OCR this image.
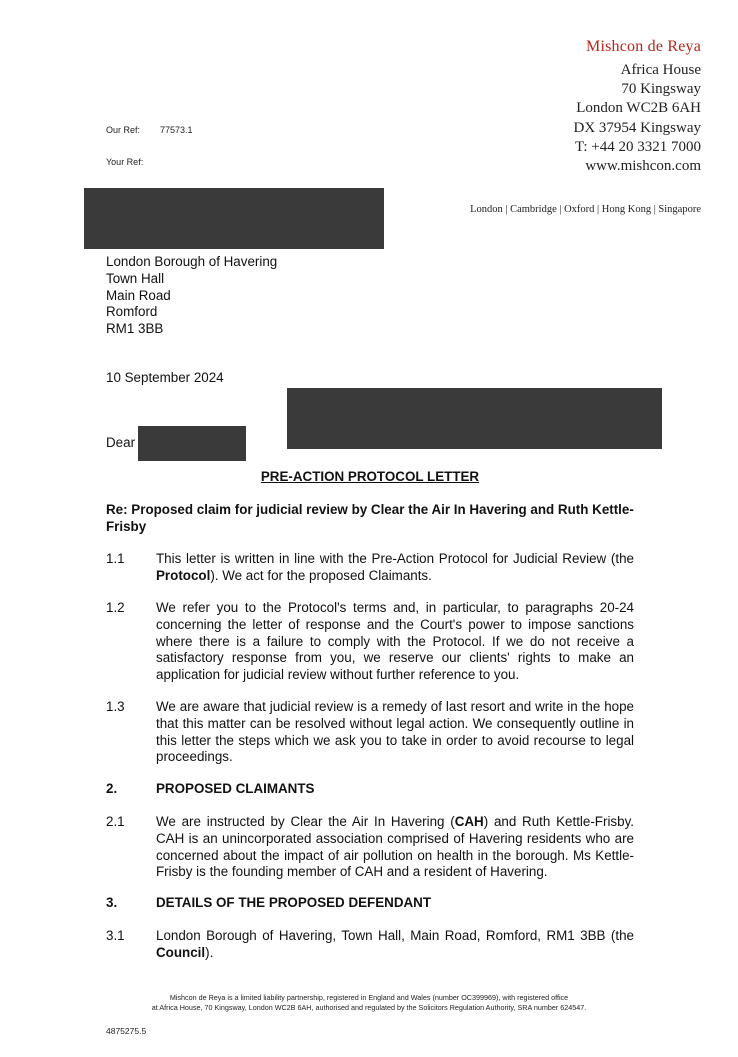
Mishcon de Reya
Africa House
70 Kingsway
London WC2B 6AH
DX 37954 Kingsway
T: +44 20 3321 7000
www.mishcon.com
London | Cambridge | Oxford | Hong Kong | Singapore
Our Ref: 77573.1
Your Ref:
London Borough of Havering
Town Hall
Main Road
Romford
RM1 3BB
10 September 2024
Dear
PRE-ACTION PROTOCOL LETTER
Re: Proposed claim for judicial review by Clear the Air In Havering and Ruth Kettle-Frisby
1.1	This letter is written in line with the Pre-Action Protocol for Judicial Review (the Protocol). We act for the proposed Claimants.
1.2	We refer you to the Protocol's terms and, in particular, to paragraphs 20-24 concerning the letter of response and the Court's power to impose sanctions where there is a failure to comply with the Protocol. If we do not receive a satisfactory response from you, we reserve our clients' rights to make an application for judicial review without further reference to you.
1.3	We are aware that judicial review is a remedy of last resort and write in the hope that this matter can be resolved without legal action. We consequently outline in this letter the steps which we ask you to take in order to avoid recourse to legal proceedings.
2.	PROPOSED CLAIMANTS
2.1	We are instructed by Clear the Air In Havering (CAH) and Ruth Kettle-Frisby. CAH is an unincorporated association comprised of Havering residents who are concerned about the impact of air pollution on health in the borough. Ms Kettle-Frisby is the founding member of CAH and a resident of Havering.
3.	DETAILS OF THE PROPOSED DEFENDANT
3.1	London Borough of Havering, Town Hall, Main Road, Romford, RM1 3BB (the Council).
Mishcon de Reya is a limited liability partnership, registered in England and Wales (number OC399969), with registered office
at Africa House, 70 Kingsway, London WC2B 6AH, authorised and regulated by the Solicitors Regulation Authority, SRA number 624547.
4875275.5
